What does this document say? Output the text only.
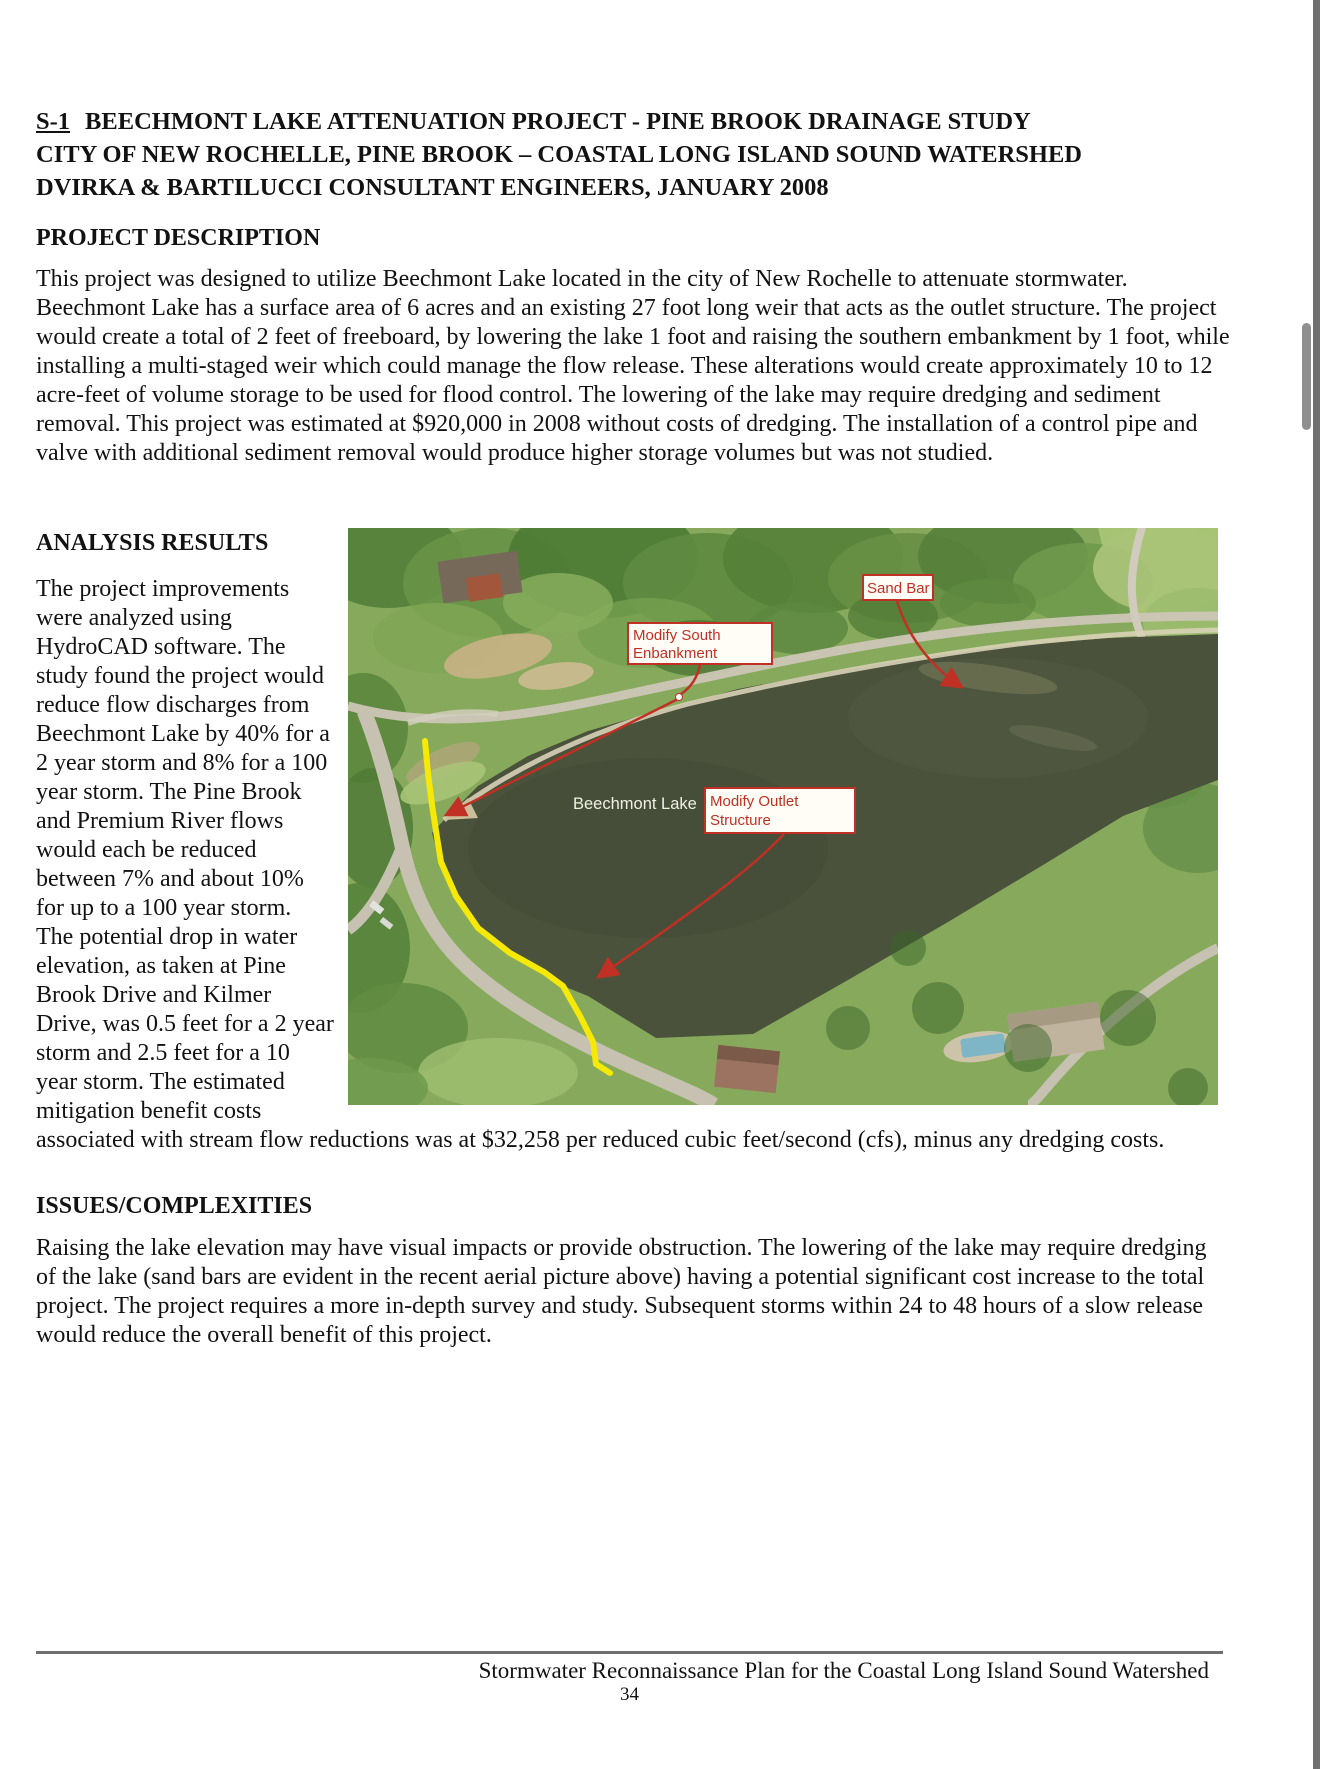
S-1 BEECHMONT LAKE ATTENUATION PROJECT - PINE BROOK DRAINAGE STUDY
CITY OF NEW ROCHELLE, PINE BROOK – COASTAL LONG ISLAND SOUND WATERSHED
DVIRKA & BARTILUCCI CONSULTANT ENGINEERS, JANUARY 2008
PROJECT DESCRIPTION

This project was designed to utilize Beechmont Lake located in the city of New Rochelle to attenuate stormwater. Beechmont Lake has a surface area of 6 acres and an existing 27 foot long weir that acts as the outlet structure. The project would create a total of 2 feet of freeboard, by lowering the lake 1 foot and raising the southern embankment by 1 foot, while installing a multi-staged weir which could manage the flow release. These alterations would create approximately 10 to 12 acre-feet of volume storage to be used for flood control. The lowering of the lake may require dredging and sediment removal. This project was estimated at $920,000 in 2008 without costs of dredging. The installation of a control pipe and valve with additional sediment removal would produce higher storage volumes but was not studied.

Beechmont Lake
Sand Bar
Modify South
Enbankment
Modify Outlet
Structure
ANALYSIS RESULTS

The project improvements were analyzed using HydroCAD software. The study found the project would reduce flow discharges from Beechmont Lake by 40% for a 2 year storm and 8% for a 100 year storm. The Pine Brook and Premium River flows would each be reduced between 7% and about 10% for up to a 100 year storm. The potential drop in water elevation, as taken at Pine Brook Drive and Kilmer Drive, was 0.5 feet for a 2 year storm and 2.5 feet for a 10 year storm. The estimated mitigation benefit costs associated with stream flow reductions was at $32,258 per reduced cubic feet/second (cfs), minus any dredging costs.

ISSUES/COMPLEXITIES

Raising the lake elevation may have visual impacts or provide obstruction. The lowering of the lake may require dredging of the lake (sand bars are evident in the recent aerial picture above) having a potential significant cost increase to the total project. The project requires a more in-depth survey and study. Subsequent storms within 24 to 48 hours of a slow release would reduce the overall benefit of this project.

Stormwater Reconnaissance Plan for the Coastal Long Island Sound Watershed
34
